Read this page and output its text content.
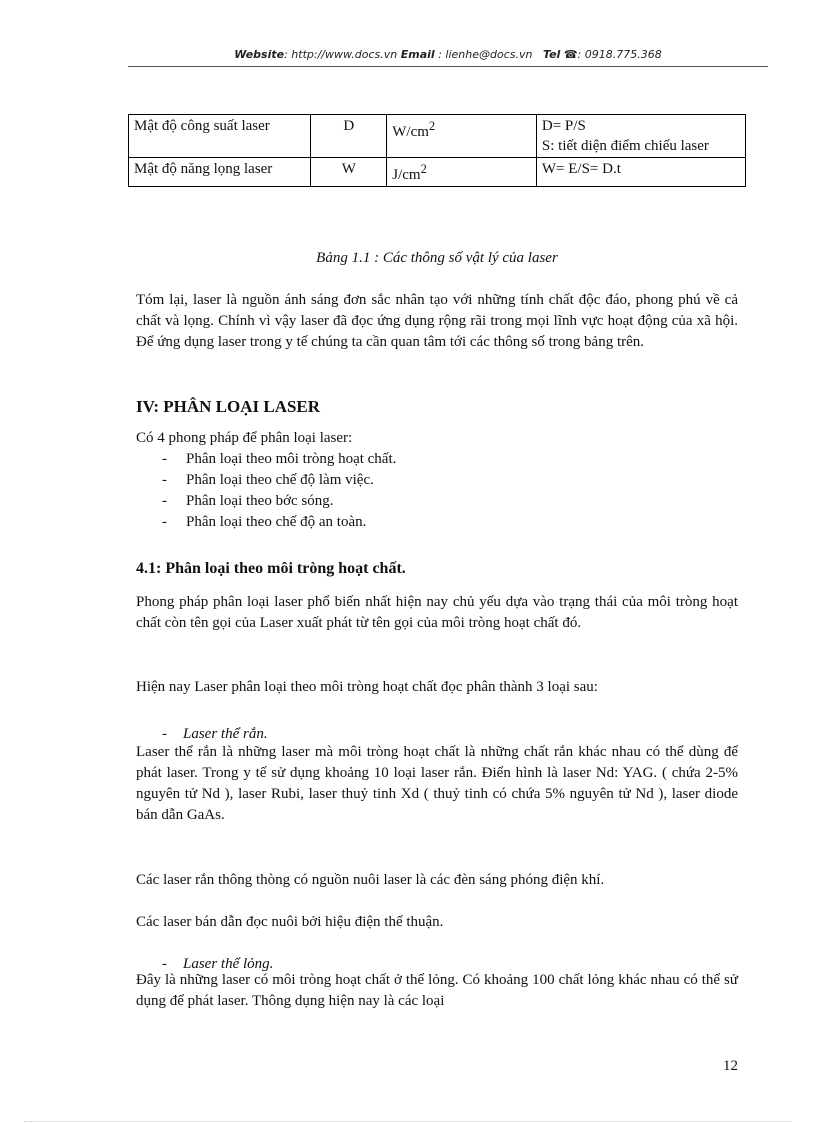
Website: http://www.docs.vn Email : lienhe@docs.vn Tel ☎: 0918.775.368
Mật độ công suất laser	D	$W/cm^2$	D= P/S
S: tiết diện điểm chiếu laser

Mật độ năng lọng laser	W	$J/cm^2$	W= E/S= D.t
Bảng 1.1 : Các thông số vật lý của laser
Tóm lại, laser là nguồn ánh sáng đơn sắc nhân tạo với những tính chất độc đáo, phong phú về cả chất và lọng. Chính vì vậy laser đã đọc ứng dụng rộng rãi trong mọi lĩnh vực hoạt động của xã hội. Để ứng dụng laser trong y tế chúng ta cần quan tâm tới các thông số trong bảng trên.
IV: PHÂN LOẠI LASER
Có 4 phong pháp để phân loại laser:
- Phân loại theo môi tròng hoạt chất.
- Phân loại theo chế độ làm việc.
- Phân loại theo bớc sóng.
- Phân loại theo chế độ an toàn.
4.1: Phân loại theo môi tròng hoạt chất.
Phong pháp phân loại laser phổ biến nhất hiện nay chủ yếu dựa vào trạng thái của môi tròng hoạt chất còn tên gọi của Laser xuất phát từ tên gọi của môi tròng hoạt chất đó.
Hiện nay Laser phân loại theo môi tròng hoạt chất đọc phân thành 3 loại sau:
- Laser thể rắn.
Laser thể rắn là những laser mà môi tròng hoạt chất là những chất rắn khác nhau có thể dùng để phát laser. Trong y tế sử dụng khoảng 10 loại laser rắn. Điển hình là laser Nd: YAG. ( chứa 2-5% nguyên tử Nd ), laser Rubi, laser thuỷ tinh Xd ( thuỷ tinh có chứa 5% nguyên tử Nd ), laser diode bán dẫn GaAs.
Các laser rắn thông thòng có nguồn nuôi laser là các đèn sáng phóng điện khí.
Các laser bán dẫn đọc nuôi bởi hiệu điện thế thuận.
- Laser thể lỏng.
Đây là những laser có môi tròng hoạt chất ở thể lỏng. Có khoảng 100 chất lỏng khác nhau có thể sử dụng để phát laser. Thông dụng hiện nay là các loại
12
